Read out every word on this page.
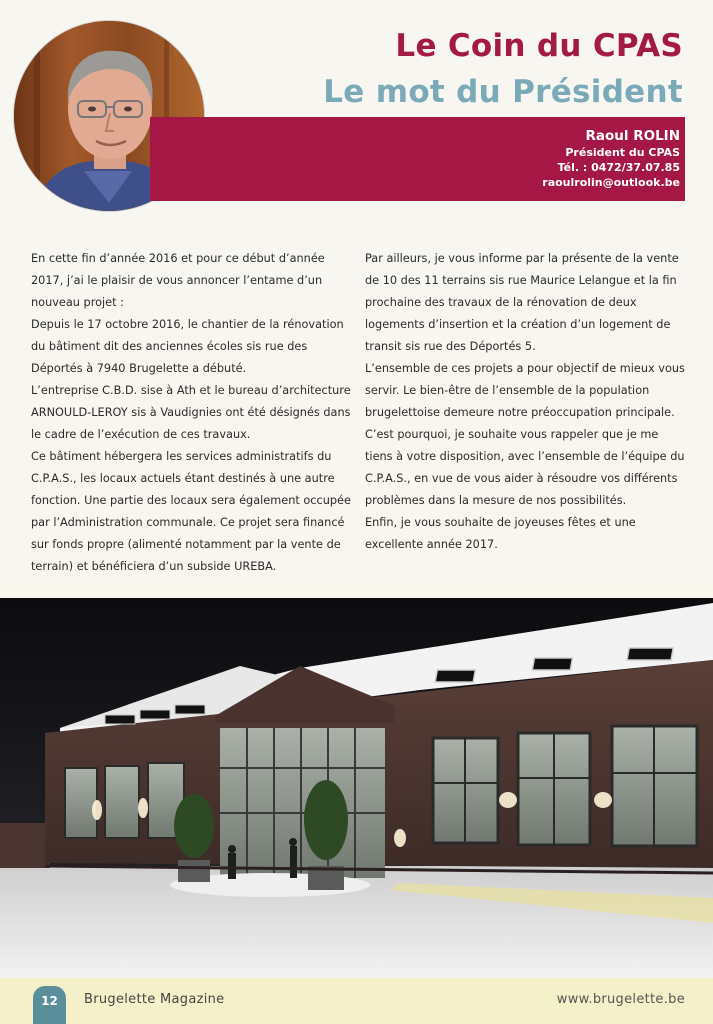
Le Coin du CPAS
Le mot du Président
Raoul ROLIN
Président du CPAS
Tél. : 0472/37.07.85
raoulrolin@outlook.be

En cette fin d’année 2016 et pour ce début d’année 2017, j’ai le plaisir de vous annoncer l’entame d’un nouveau projet :

Depuis le 17 octobre 2016, le chantier de la rénovation du bâtiment dit des anciennes écoles sis rue des Déportés à 7940 Brugelette a débuté.

L’entreprise C.B.D. sise à Ath et le bureau d’architecture ARNOULD-LEROY sis à Vaudignies ont été désignés dans le cadre de l’exécution de ces travaux.

Ce bâtiment hébergera les services administratifs du C.P.A.S., les locaux actuels étant destinés à une autre fonction. Une partie des locaux sera également occupée par l’Administration communale. Ce projet sera financé sur fonds propre (alimenté notamment par la vente de terrain) et bénéficiera d’un subside UREBA.

Par ailleurs, je vous informe par la présente de la vente de 10 des 11 terrains sis rue Maurice Lelangue et la fin prochaine des travaux de la rénovation de deux logements d’insertion et la création d’un logement de transit sis rue des Déportés 5.

L’ensemble de ces projets a pour objectif de mieux vous servir. Le bien-être de l’ensemble de la population brugelettoise demeure notre préoccupation principale.

C’est pourquoi, je souhaite vous rappeler que je me tiens à votre disposition, avec l’ensemble de l’équipe du C.P.A.S., en vue de vous aider à résoudre vos différents problèmes dans la mesure de nos possibilités.

Enfin, je vous souhaite de joyeuses fêtes et une excellente année 2017.

12	Brugelette Magazine	www.brugelette.be
